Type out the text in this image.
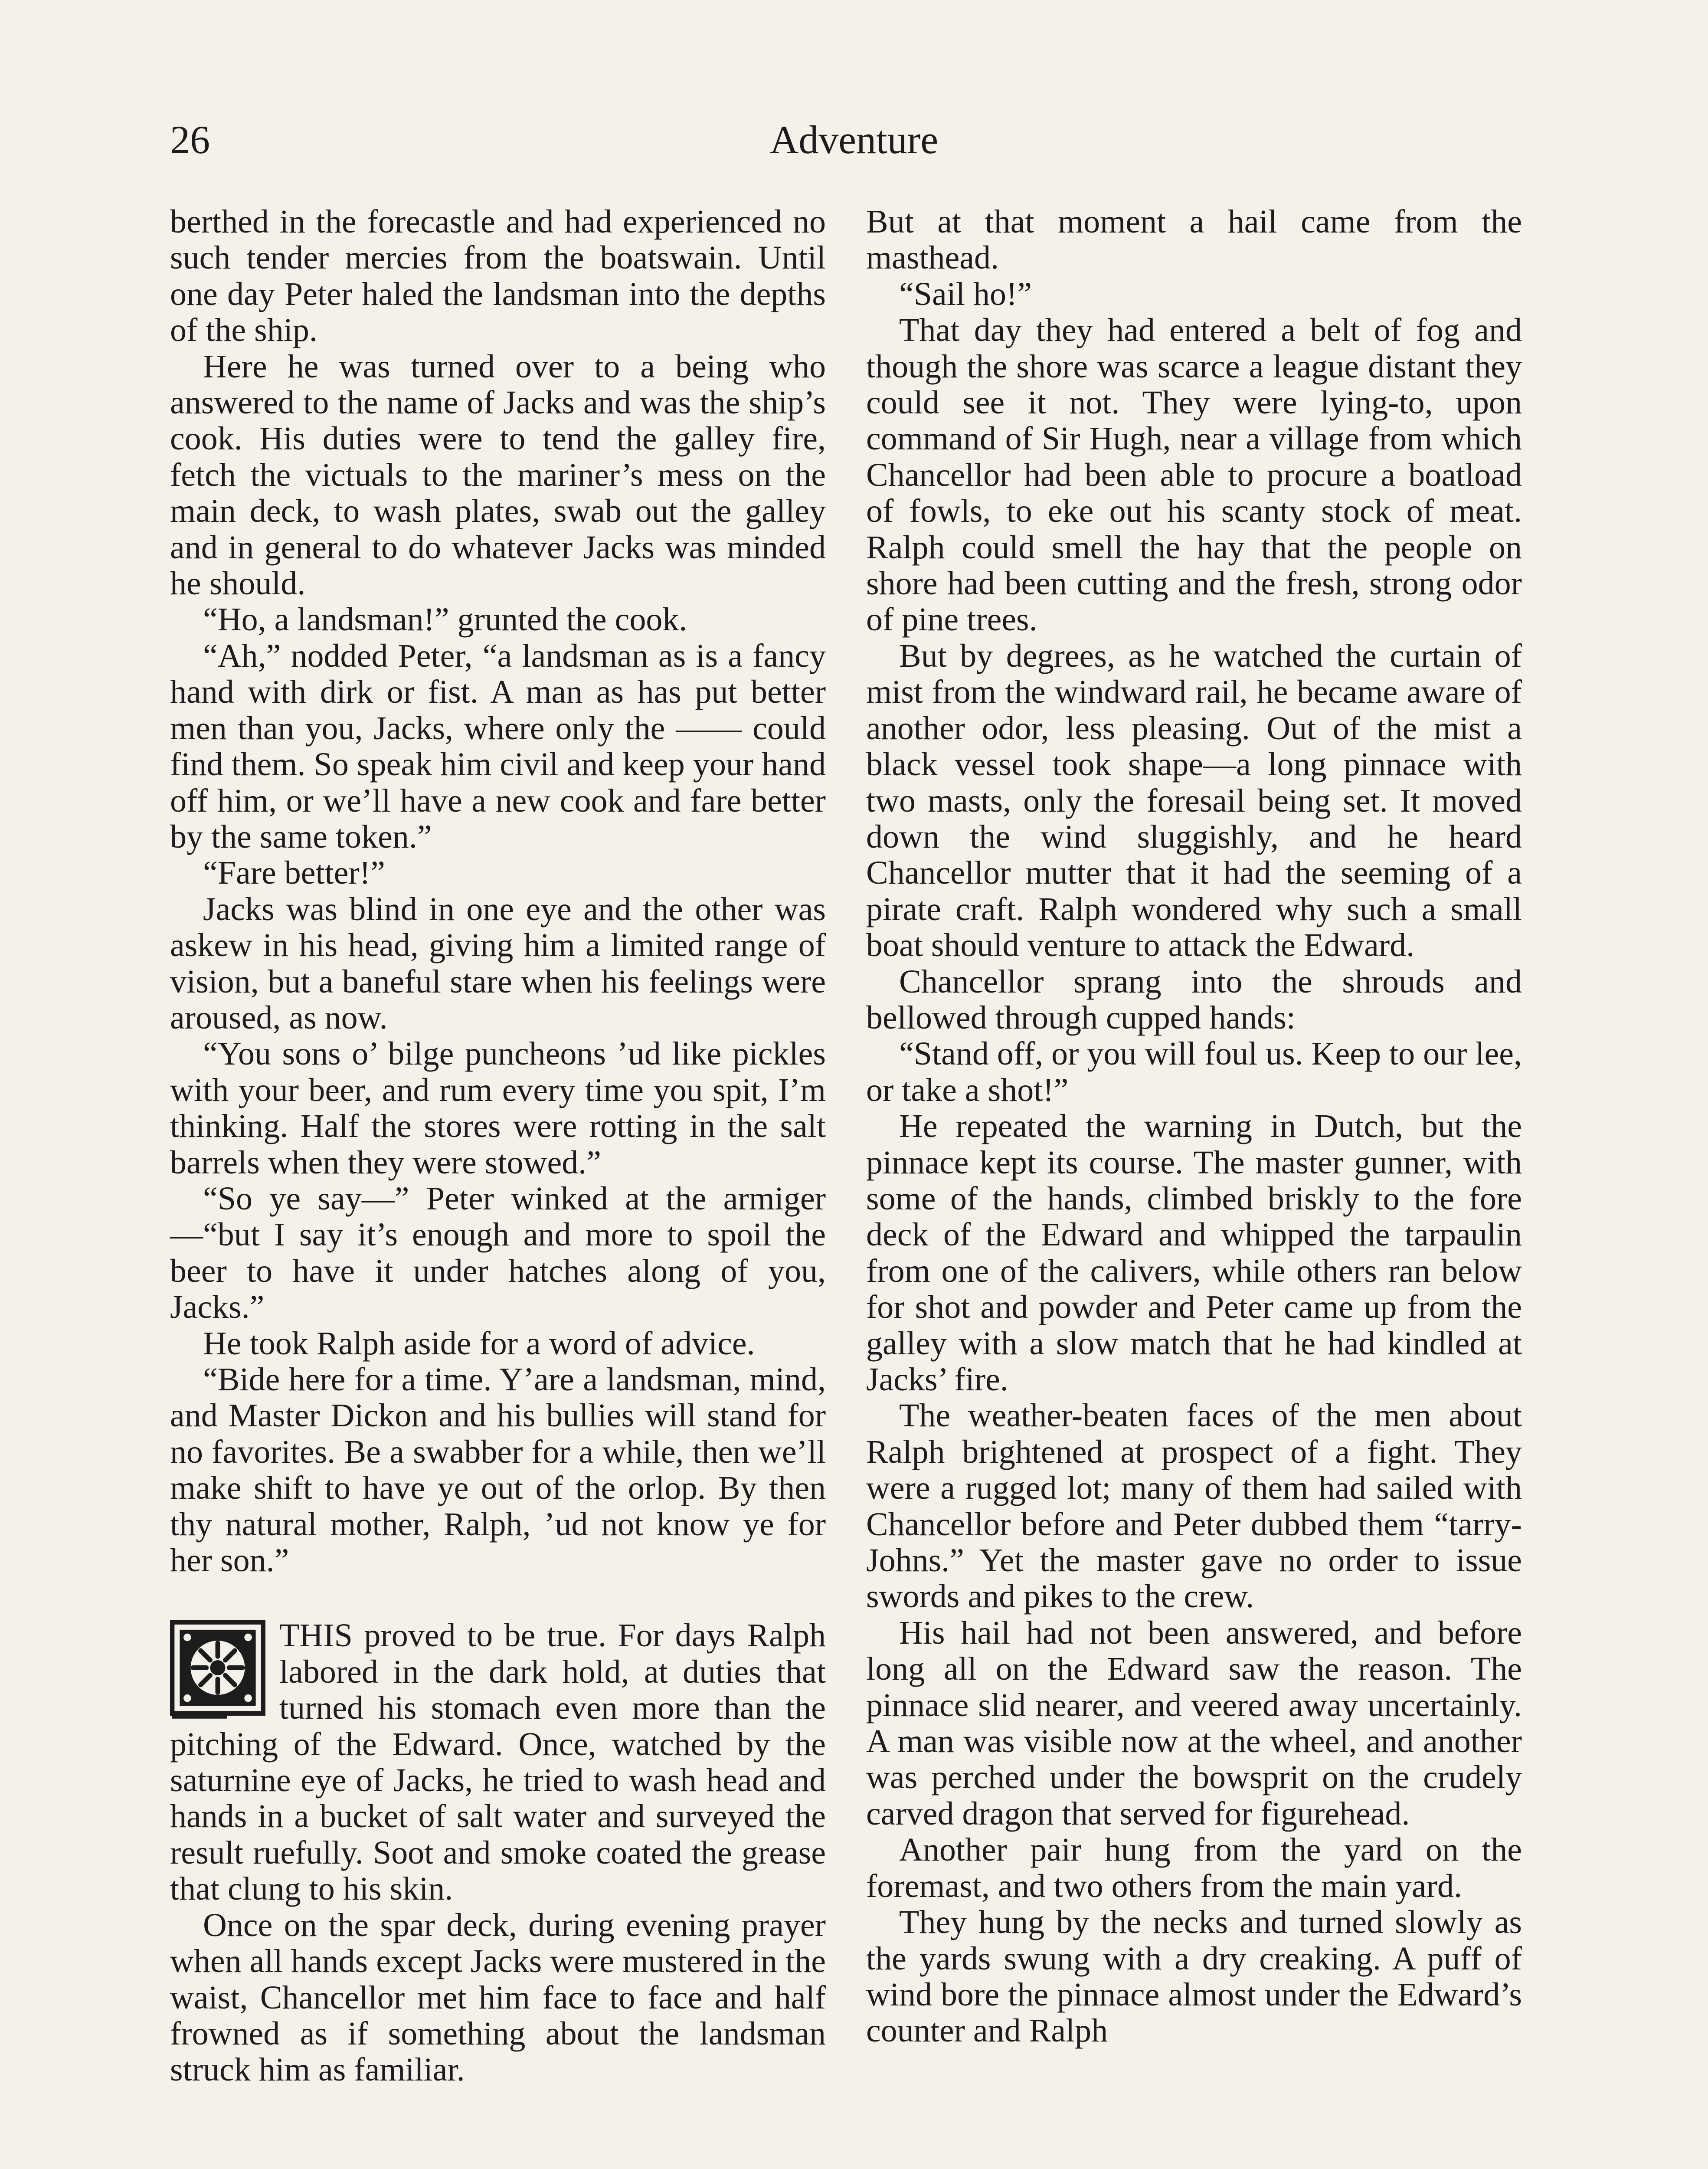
26	Adventure

berthed in the forecastle and had experienced no such tender mercies from the boatswain. Until one day Peter haled the landsman into the depths of the ship.

Here he was turned over to a being who answered to the name of Jacks and was the ship’s cook. His duties were to tend the galley fire, fetch the victuals to the mariner’s mess on the main deck, to wash plates, swab out the galley and in general to do whatever Jacks was minded he should.

“Ho, a landsman!” grunted the cook.

“Ah,” nodded Peter, “a landsman as is a fancy hand with dirk or fist. A man as has put better men than you, Jacks, where only the —— could find them. So speak him civil and keep your hand off him, or we’ll have a new cook and fare better by the same token.”

“Fare better!”

Jacks was blind in one eye and the other was askew in his head, giving him a limited range of vision, but a baneful stare when his feelings were aroused, as now.

“You sons o’ bilge puncheons ’ud like pickles with your beer, and rum every time you spit, I’m thinking. Half the stores were rotting in the salt barrels when they were stowed.”

“So ye say—” Peter winked at the armiger—“but I say it’s enough and more to spoil the beer to have it under hatches along of you, Jacks.”

He took Ralph aside for a word of advice.

“Bide here for a time. Y’are a landsman, mind, and Master Dickon and his bullies will stand for no favorites. Be a swabber for a while, then we’ll make shift to have ye out of the orlop. By then thy natural mother, Ralph, ’ud not know ye for her son.”

THIS proved to be true. For days Ralph labored in the dark hold, at duties that turned his stomach even more than the pitching of the Edward. Once, watched by the saturnine eye of Jacks, he tried to wash head and hands in a bucket of salt water and surveyed the result ruefully. Soot and smoke coated the grease that clung to his skin.

Once on the spar deck, during evening prayer when all hands except Jacks were mustered in the waist, Chancellor met him face to face and half frowned as if something about the landsman struck him as familiar.

But at that moment a hail came from the masthead.

“Sail ho!”

That day they had entered a belt of fog and though the shore was scarce a league distant they could see it not. They were lying-to, upon command of Sir Hugh, near a village from which Chancellor had been able to procure a boatload of fowls, to eke out his scanty stock of meat. Ralph could smell the hay that the people on shore had been cutting and the fresh, strong odor of pine trees.

But by degrees, as he watched the curtain of mist from the windward rail, he became aware of another odor, less pleasing. Out of the mist a black vessel took shape—a long pinnace with two masts, only the foresail being set. It moved down the wind sluggishly, and he heard Chancellor mutter that it had the seeming of a pirate craft. Ralph wondered why such a small boat should venture to attack the Edward.

Chancellor sprang into the shrouds and bellowed through cupped hands:

“Stand off, or you will foul us. Keep to our lee, or take a shot!”

He repeated the warning in Dutch, but the pinnace kept its course. The master gunner, with some of the hands, climbed briskly to the fore deck of the Edward and whipped the tarpaulin from one of the calivers, while others ran below for shot and powder and Peter came up from the galley with a slow match that he had kindled at Jacks’ fire.

The weather-beaten faces of the men about Ralph brightened at prospect of a fight. They were a rugged lot; many of them had sailed with Chancellor before and Peter dubbed them “tarry-Johns.” Yet the master gave no order to issue swords and pikes to the crew.

His hail had not been answered, and before long all on the Edward saw the reason. The pinnace slid nearer, and veered away uncertainly. A man was visible now at the wheel, and another was perched under the bowsprit on the crudely carved dragon that served for figurehead.

Another pair hung from the yard on the foremast, and two others from the main yard.

They hung by the necks and turned slowly as the yards swung with a dry creaking. A puff of wind bore the pinnace almost under the Edward’s counter and Ralph
